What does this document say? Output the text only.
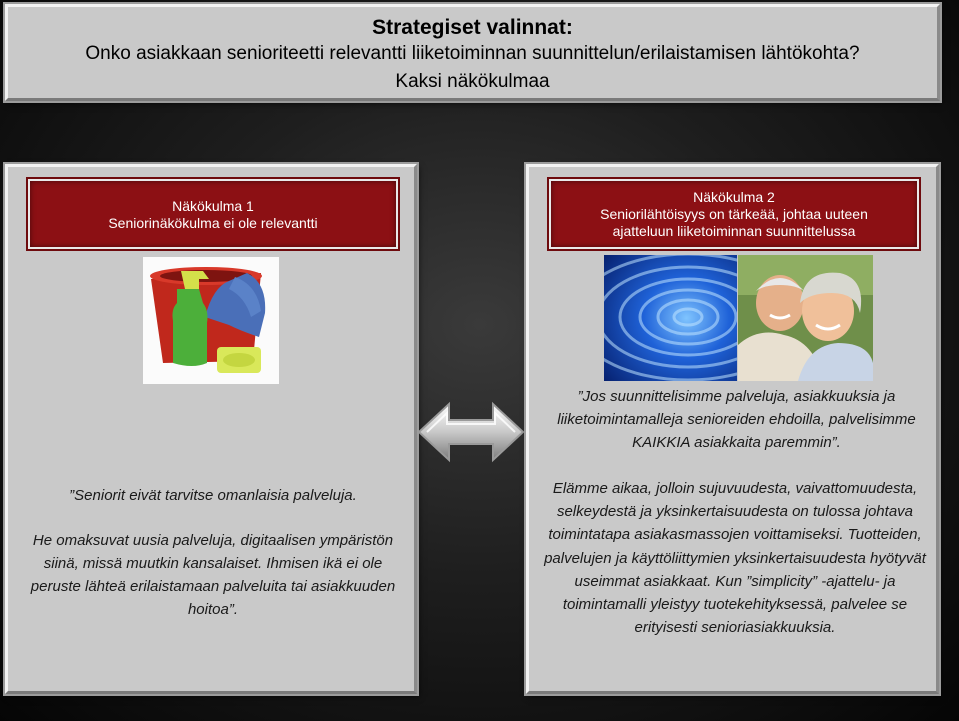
Strategiset valinnat:
Onko asiakkaan senioriteetti relevantti liiketoiminnan suunnittelun/erilaistamisen lähtökohta?
Kaksi näkökulmaa
Näkökulma 1
Seniorinäkökulma ei ole relevantti
”Seniorit eivät tarvitse omanlaisia palveluja.
He omaksuvat uusia palveluja, digitaalisen ympäristön siinä, missä muutkin kansalaiset. Ihmisen ikä ei ole peruste lähteä erilaistamaan palveluita tai asiakkuuden hoitoa”.
Näkökulma 2
Seniorilähtöisyys on tärkeää, johtaa uuteen
ajatteluun liiketoiminnan suunnittelussa
”Jos suunnittelisimme palveluja, asiakkuuksia ja liiketoimintamalleja senioreiden ehdoilla, palvelisimme KAIKKIA asiakkaita paremmin”.
Elämme aikaa, jolloin sujuvuudesta, vaivattomuudesta, selkeydestä ja yksinkertaisuudesta on tulossa johtava toimintatapa asiakasmassojen voittamiseksi. Tuotteiden, palvelujen ja käyttöliittymien yksinkertaisuudesta hyötyvät useimmat asiakkaat. Kun ”simplicity” -ajattelu- ja toimintamalli yleistyy tuotekehityksessä, palvelee se erityisesti senioriasiakkuuksia.
